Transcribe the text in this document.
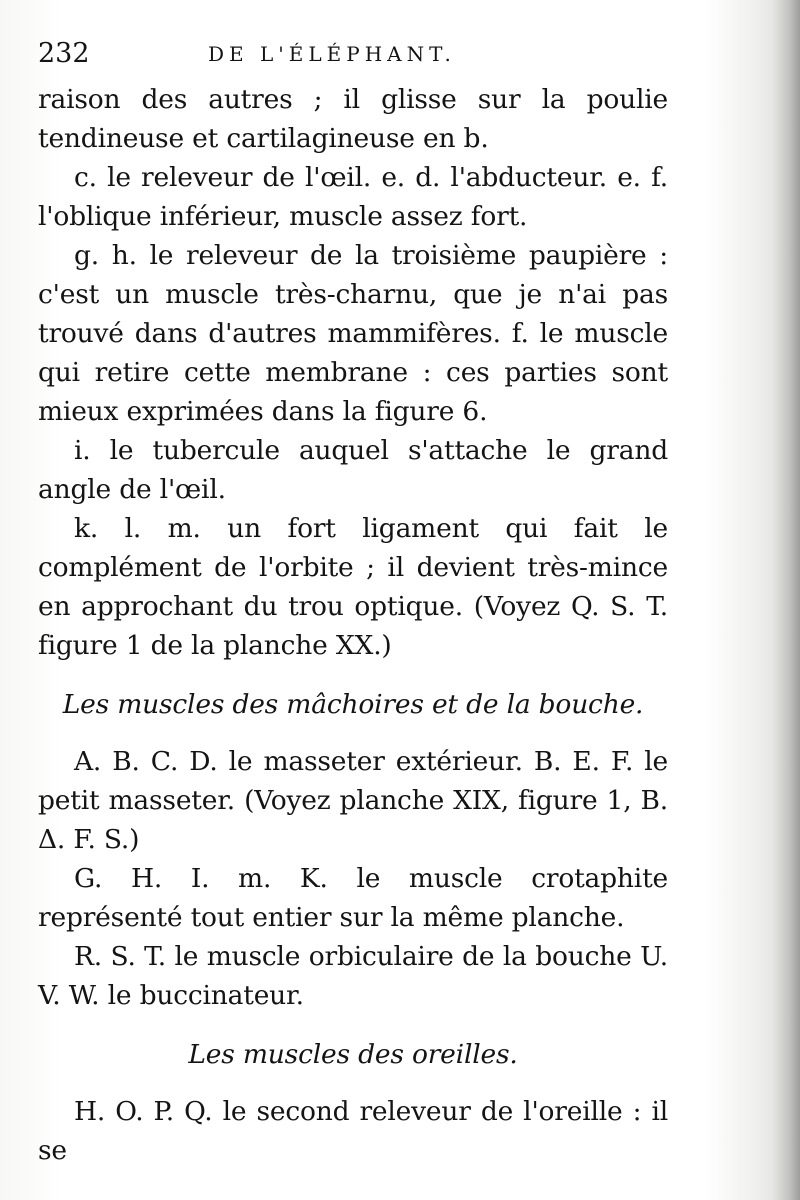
232	DE L'ÉLÉPHANT.

raison des autres ; il glisse sur la poulie tendineuse et cartilagineuse en b.

c. le releveur de l'œil. e. d. l'abducteur. e. f. l'oblique inférieur, muscle assez fort.

g. h. le releveur de la troisième paupière : c'est un muscle très-charnu, que je n'ai pas trouvé dans d'autres mammifères. f. le muscle qui retire cette membrane : ces parties sont mieux exprimées dans la figure 6.

i. le tubercule auquel s'attache le grand angle de l'œil.

k. l. m. un fort ligament qui fait le complément de l'orbite ; il devient très-mince en approchant du trou optique. (Voyez Q. S. T. figure 1 de la planche XX.)

Les muscles des mâchoires et de la bouche.

A. B. C. D. le masseter extérieur. B. E. F. le petit masseter. (Voyez planche XIX, figure 1, B. Δ. F. S.)

G. H. I. m. K. le muscle crotaphite représenté tout entier sur la même planche.

R. S. T. le muscle orbiculaire de la bouche U. V. W. le buccinateur.

Les muscles des oreilles.

H. O. P. Q. le second releveur de l'oreille : il se
